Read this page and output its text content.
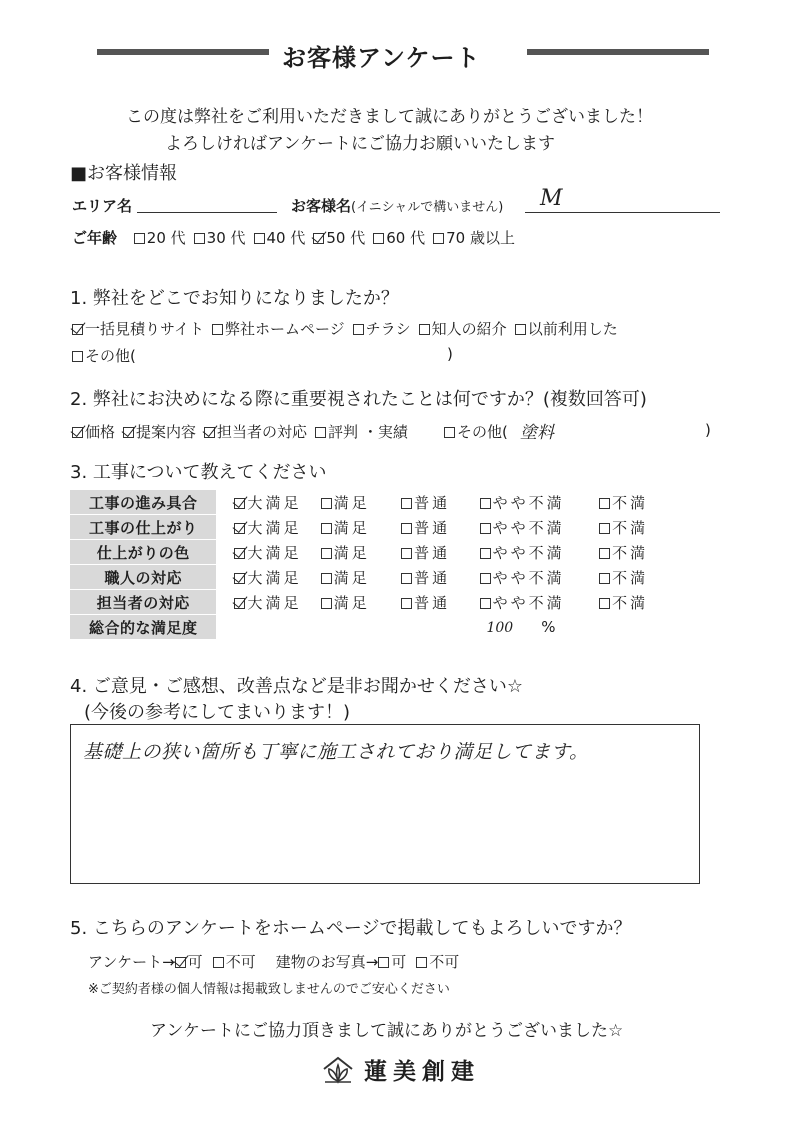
お客様アンケート
この度は弊社をご利用いただきまして誠にありがとうございました！
よろしければアンケートにご協力お願いいたします
■お客様情報
エリア名	お客様名(イニシャルで構いません) M
ご年齢 20 代 30 代 40 代 50 代 60 代 70 歳以上
1. 弊社をどこでお知りになりましたか？
一括見積りサイト 弊社ホームページ チラシ 知人の紹介 以前利用した
その他(	)
2. 弊社にお決めになる際に重要視されたことは何ですか？(複数回答可)
価格 提案内容 担当者の対応 評判 ・実績	その他( 塗料	)
3. 工事について教えてください
工事の進み具合	大満足	満足	普通	やや不満	不満
工事の仕上がり	大満足	満足	普通	やや不満	不満
仕上がりの色	大満足	満足	普通	やや不満	不満
職人の対応	大満足	満足	普通	やや不満	不満
担当者の対応	大満足	満足	普通	やや不満	不満
総合的な満足度	100 %				
4. ご意見・ご感想、改善点など是非お聞かせください☆
(今後の参考にしてまいります！)
基礎上の狭い箇所も丁寧に施工されており満足してます。
5. こちらのアンケートをホームページで掲載してもよろしいですか？
アンケート→ 可 不可 建物のお写真→ 可 不可
※ご契約者様の個人情報は掲載致しませんのでご安心ください
アンケートにご協力頂きまして誠にありがとうございました☆
蓮美創建
